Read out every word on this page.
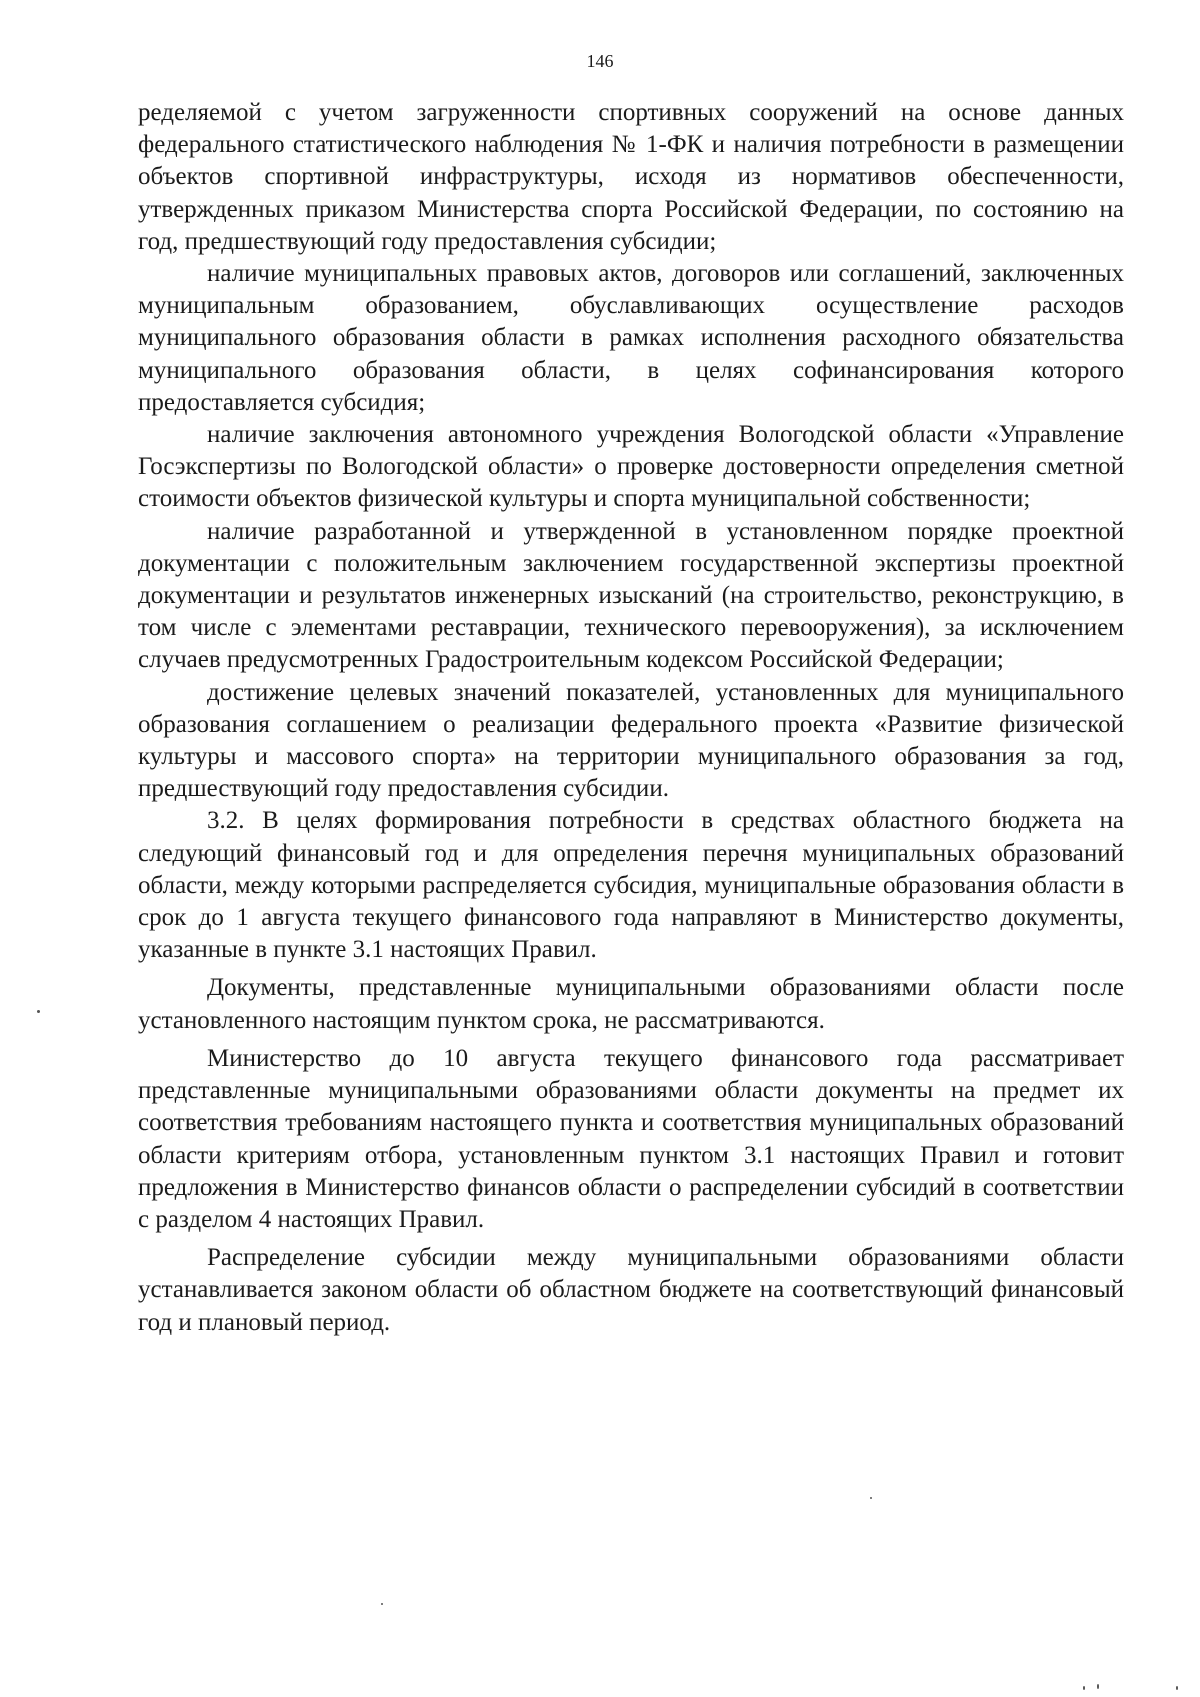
146

ределяемой с учетом загруженности спортивных сооружений на основе данных федерального статистического наблюдения № 1-ФК и наличия потребности в размещении объектов спортивной инфраструктуры, исходя из нормативов обеспеченности, утвержденных приказом Министерства спорта Российской Федерации, по состоянию на год, предшествующий году предоставления субсидии;

наличие муниципальных правовых актов, договоров или соглашений, заключенных муниципальным образованием, обуславливающих осуществление расходов муниципального образования области в рамках исполнения расходного обязательства муниципального образования области, в целях софинансирования которого предоставляется субсидия;

наличие заключения автономного учреждения Вологодской области «Управление Госэкспертизы по Вологодской области» о проверке достоверности определения сметной стоимости объектов физической культуры и спорта муниципальной собственности;

наличие разработанной и утвержденной в установленном порядке проектной документации с положительным заключением государственной экспертизы проектной документации и результатов инженерных изысканий (на строительство, реконструкцию, в том числе с элементами реставрации, технического перевооружения), за исключением случаев предусмотренных Градостроительным кодексом Российской Федерации;

достижение целевых значений показателей, установленных для муниципального образования соглашением о реализации федерального проекта «Развитие физической культуры и массового спорта» на территории муниципального образования за год, предшествующий году предоставления субсидии.

3.2. В целях формирования потребности в средствах областного бюджета на следующий финансовый год и для определения перечня муниципальных образований области, между которыми распределяется субсидия, муниципальные образования области в срок до 1 августа текущего финансового года направляют в Министерство документы, указанные в пункте 3.1 настоящих Правил.

Документы, представленные муниципальными образованиями области после установленного настоящим пунктом срока, не рассматриваются.

Министерство до 10 августа текущего финансового года рассматривает представленные муниципальными образованиями области документы на предмет их соответствия требованиям настоящего пункта и соответствия муниципальных образований области критериям отбора, установленным пунктом 3.1 настоящих Правил и готовит предложения в Министерство финансов области о распределении субсидий в соответствии с разделом 4 настоящих Правил.

Распределение субсидии между муниципальными образованиями области устанавливается законом области об областном бюджете на соответствующий финансовый год и плановый период.
